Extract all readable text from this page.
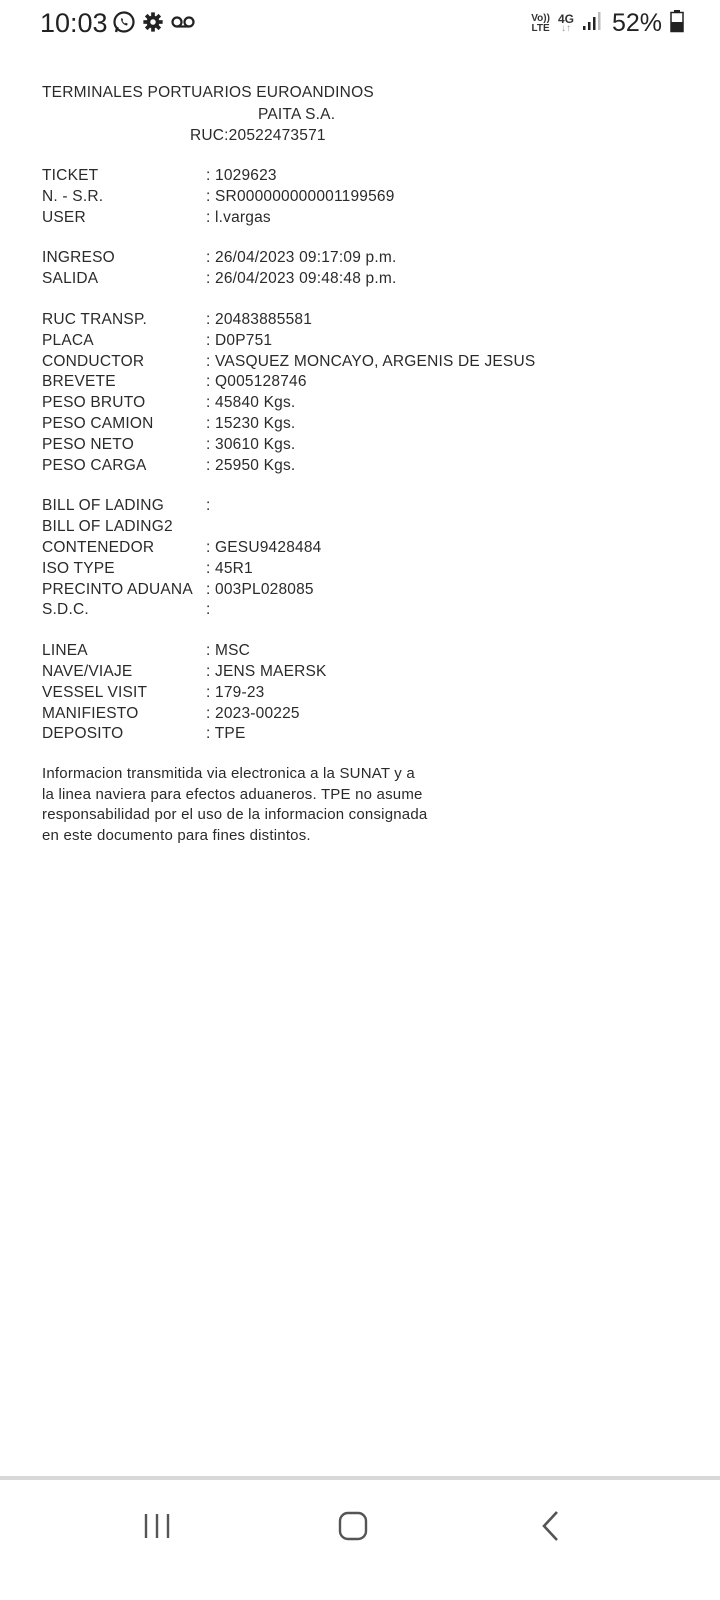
10:03	Vo))
LTE
4G
↓↑ 52%
TERMINALES PORTUARIOS EUROANDINOS
PAITA S.A.
RUC:20522473571
TICKET	: 1029623
N. - S.R.	: SR000000000001199569
USER	: l.vargas
INGRESO	: 26/04/2023 09:17:09 p.m.
SALIDA	: 26/04/2023 09:48:48 p.m.
RUC TRANSP.	: 20483885581
PLACA	: D0P751
CONDUCTOR	: VASQUEZ MONCAYO, ARGENIS DE JESUS
BREVETE	: Q005128746
PESO BRUTO	: 45840 Kgs.
PESO CAMION	: 15230 Kgs.
PESO NETO	: 30610 Kgs.
PESO CARGA	: 25950 Kgs.
BILL OF LADING	:
BILL OF LADING2
CONTENEDOR	: GESU9428484
ISO TYPE	: 45R1
PRECINTO ADUANA : 003PL028085
S.D.C.	:
LINEA	: MSC
NAVE/VIAJE	: JENS MAERSK
VESSEL VISIT	: 179-23
MANIFIESTO	: 2023-00225
DEPOSITO	: TPE
Informacion transmitida via electronica a la SUNAT y a
la linea naviera para efectos aduaneros. TPE no asume
responsabilidad por el uso de la informacion consignada
en este documento para fines distintos.
